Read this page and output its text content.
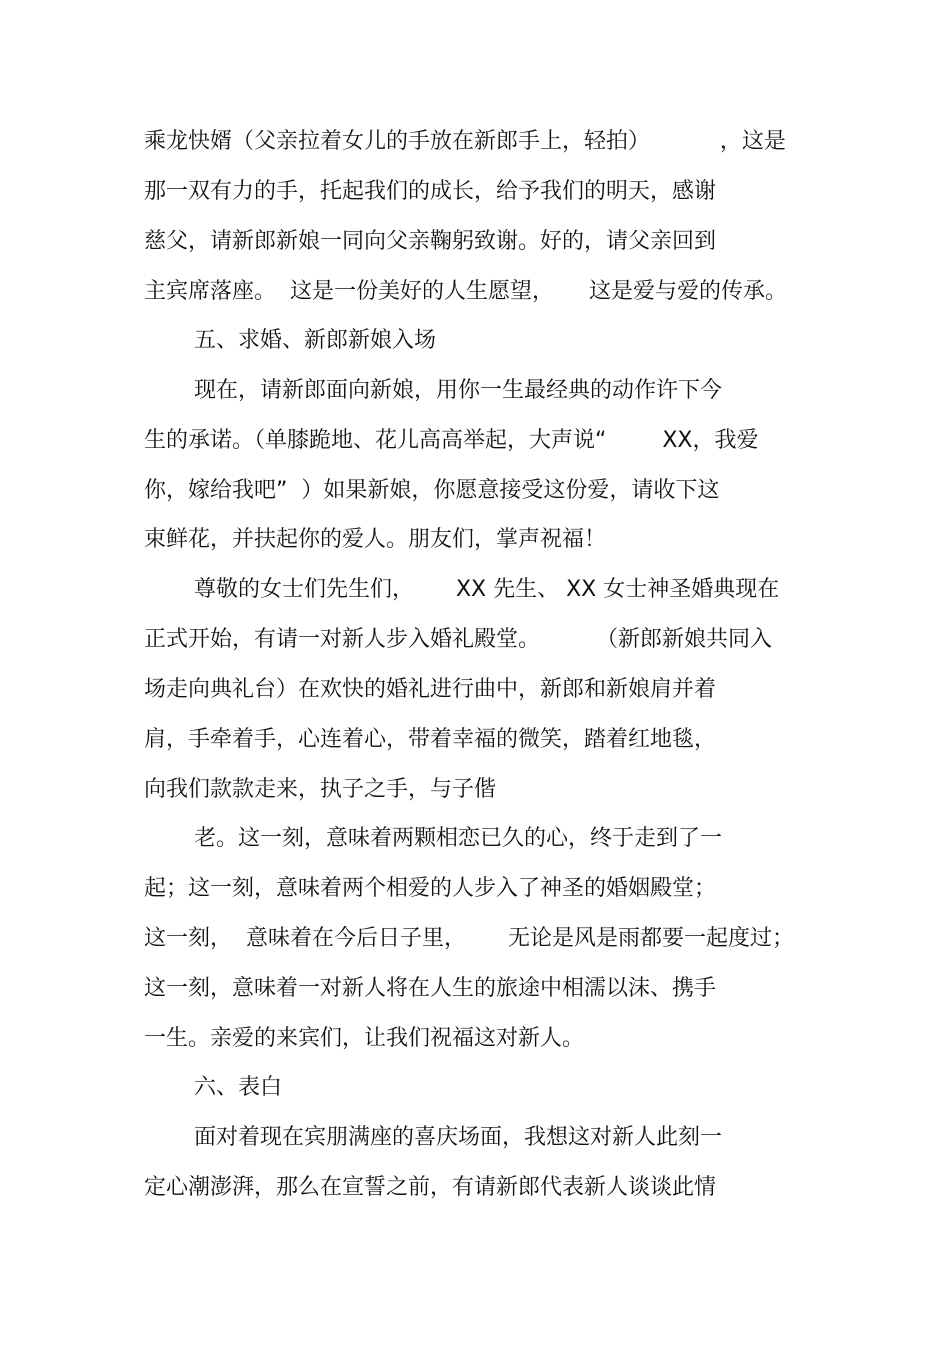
乘龙快婿（父亲拉着女儿的手放在新郎手上，轻拍）          ，这是
那一双有力的手，托起我们的成长，给予我们的明天，感谢
慈父，请新郎新娘一同向父亲鞠躬致谢。好的，请父亲回到
主宾席落座。  这是一份美好的人生愿望，     这是爱与爱的传承。
五、求婚、新郎新娘入场
现在，请新郎面向新娘，用你一生最经典的动作许下今
生的承诺。（单膝跪地、花儿高高举起，大声说“        XX，我爱
你，嫁给我吧”  ）如果新娘，你愿意接受这份爱，请收下这
束鲜花，并扶起你的爱人。朋友们，掌声祝福！
尊敬的女士们先生们，      XX 先生、 XX 女士神圣婚典现在
正式开始，有请一对新人步入婚礼殿堂。        （新郎新娘共同入
场走向典礼台）在欢快的婚礼进行曲中，新郎和新娘肩并着
肩，手牵着手，心连着心，带着幸福的微笑，踏着红地毯，
向我们款款走来，执子之手，与子偕
老。这一刻，意味着两颗相恋已久的心，终于走到了一
起；这一刻，意味着两个相爱的人步入了神圣的婚姻殿堂；
这一刻，  意味着在今后日子里，      无论是风是雨都要一起度过；
这一刻，意味着一对新人将在人生的旅途中相濡以沫、携手
一生。亲爱的来宾们，让我们祝福这对新人。
六、表白
面对着现在宾朋满座的喜庆场面，我想这对新人此刻一
定心潮澎湃，那么在宣誓之前，有请新郎代表新人谈谈此情
